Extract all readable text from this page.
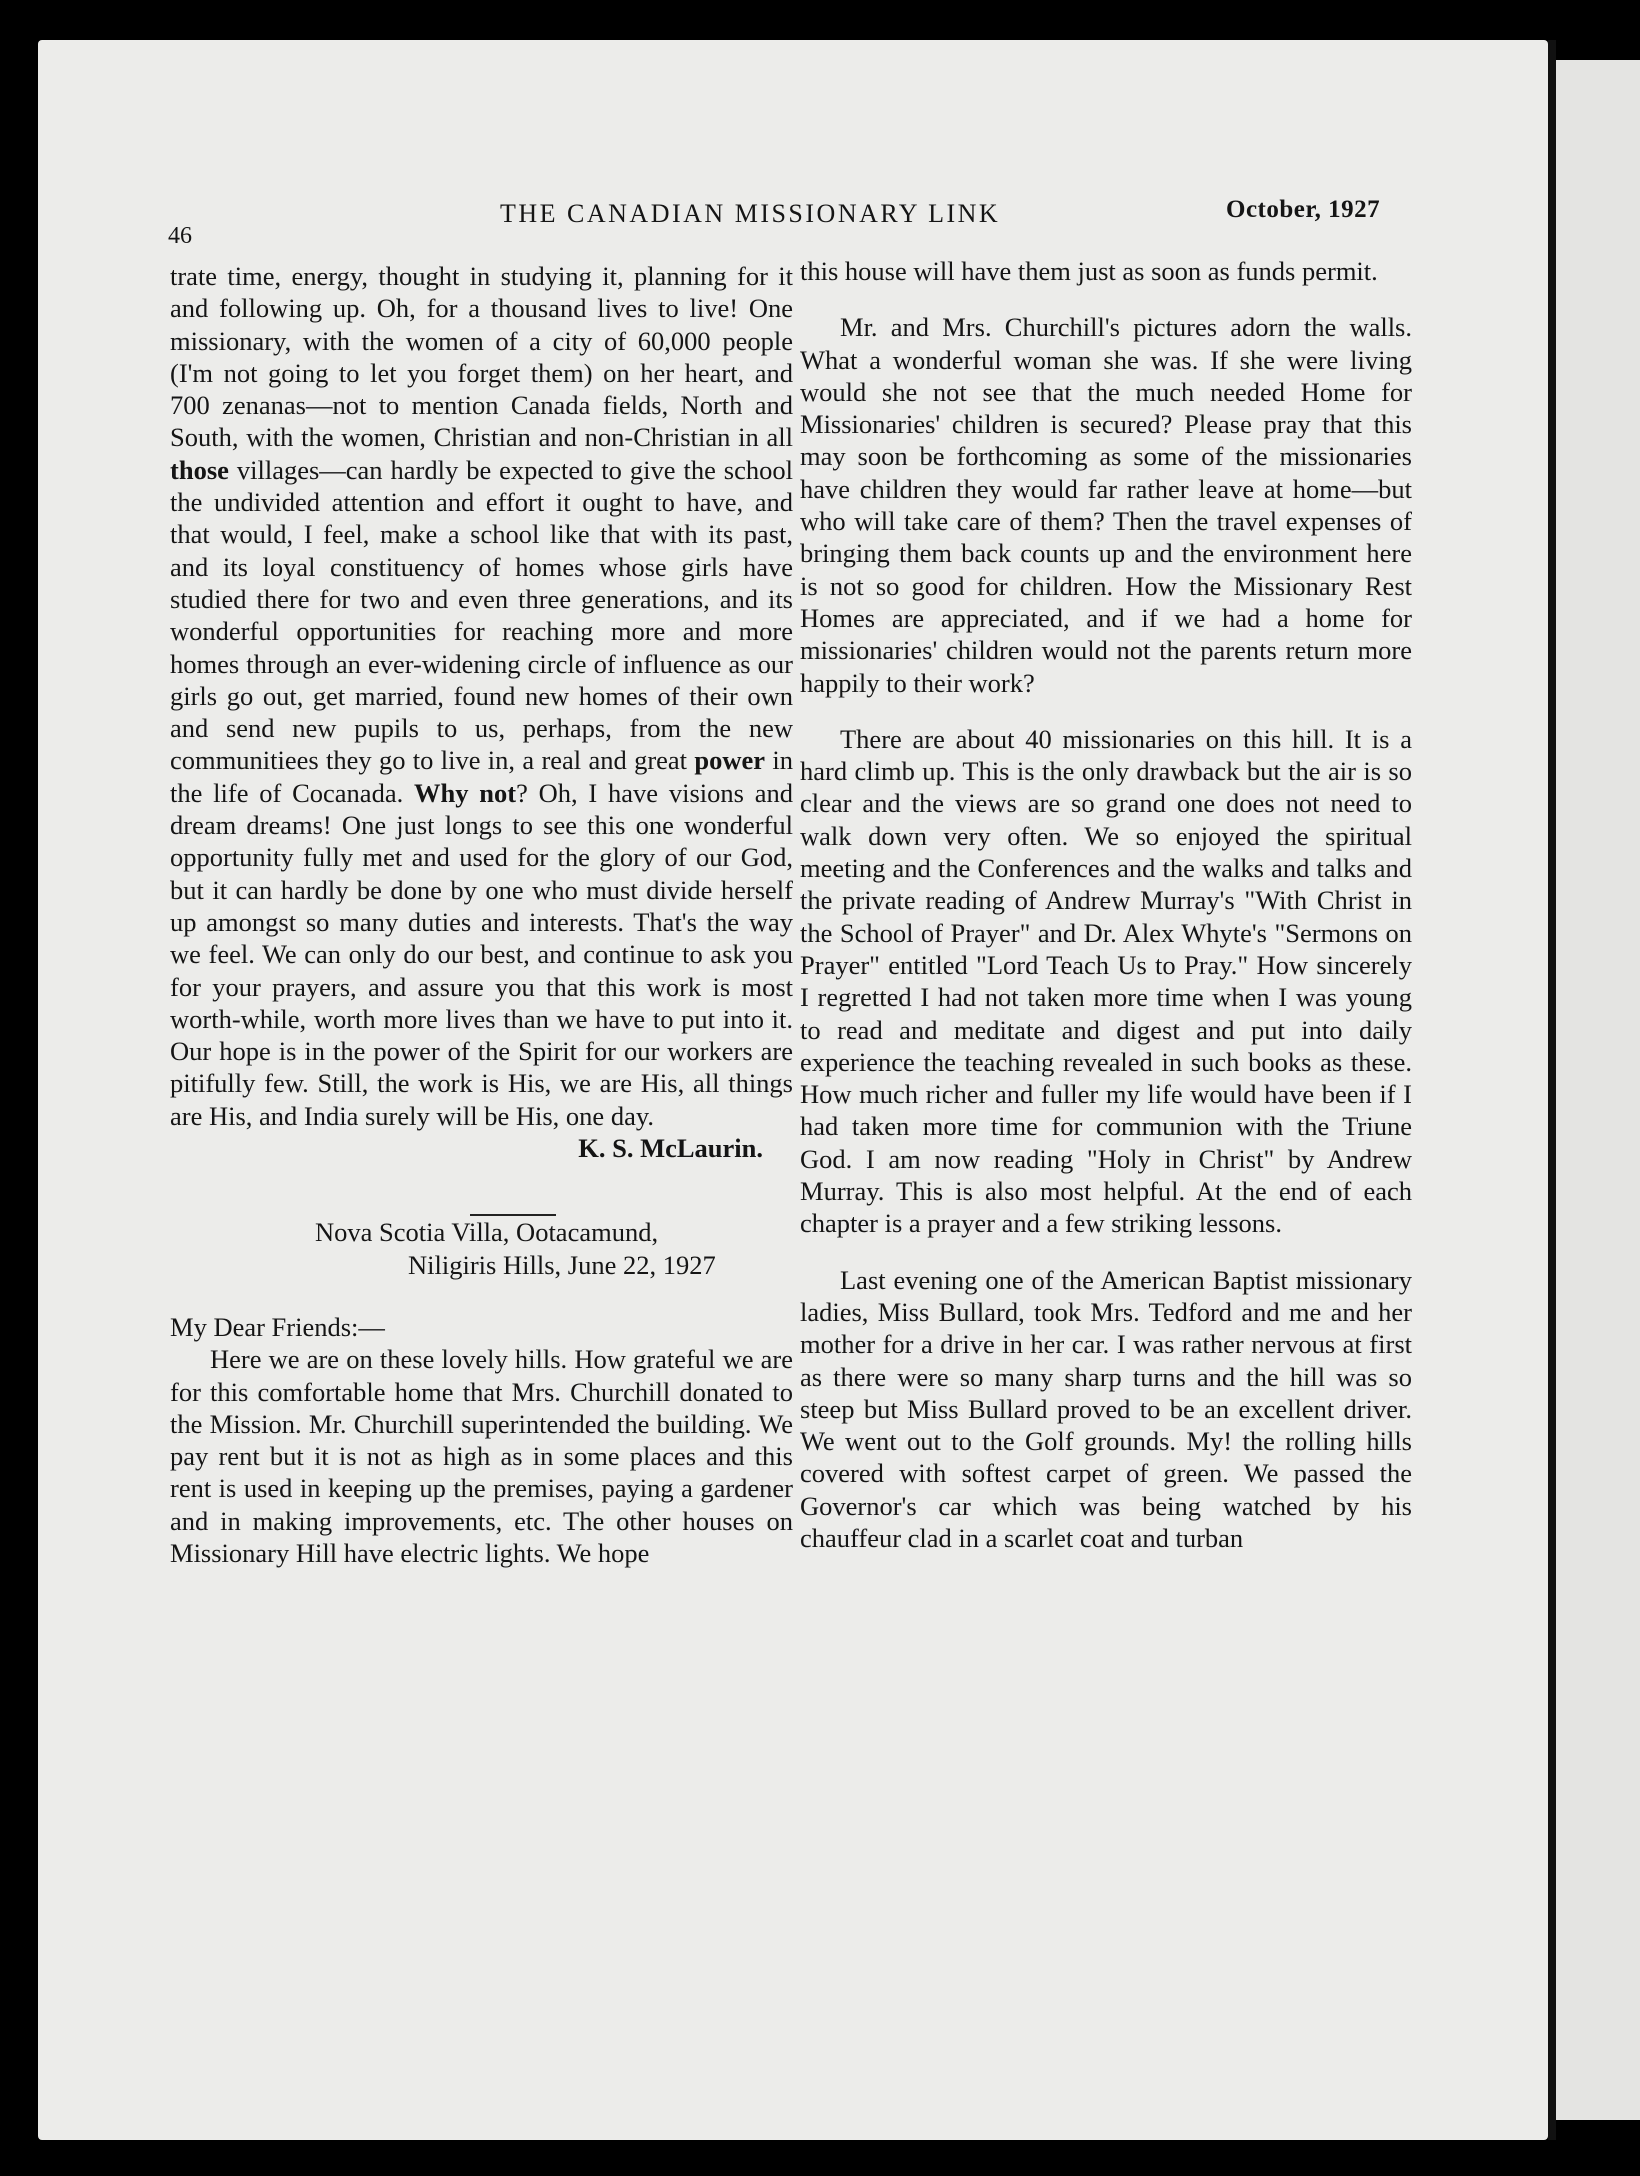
46
THE CANADIAN MISSIONARY LINK	October, 1927

trate time, energy, thought in studying it, planning for it and following up. Oh, for a thousand lives to live! One missionary, with the women of a city of 60,000 people (I'm not going to let you forget them) on her heart, and 700 zenanas—not to mention Canada fields, North and South, with the women, Christian and non-Christian in all those villages—can hardly be expected to give the school the undivided attention and effort it ought to have, and that would, I feel, make a school like that with its past, and its loyal constituency of homes whose girls have studied there for two and even three generations, and its wonderful opportunities for reaching more and more homes through an ever-widening circle of influence as our girls go out, get married, found new homes of their own and send new pupils to us, perhaps, from the new communitiees they go to live in, a real and great power in the life of Cocanada. Why not? Oh, I have visions and dream dreams! One just longs to see this one wonderful opportunity fully met and used for the glory of our God, but it can hardly be done by one who must divide herself up amongst so many duties and interests. That's the way we feel. We can only do our best, and continue to ask you for your prayers, and assure you that this work is most worth-while, worth more lives than we have to put into it. Our hope is in the power of the Spirit for our workers are pitifully few. Still, the work is His, we are His, all things are His, and India surely will be His, one day.

K. S. McLaurin.

Nova Scotia Villa, Ootacamund,
Niligiris Hills, June 22, 1927

My Dear Friends:—

Here we are on these lovely hills. How grateful we are for this comfortable home that Mrs. Churchill donated to the Mission. Mr. Churchill superintended the building. We pay rent but it is not as high as in some places and this rent is used in keeping up the premises, paying a gardener and in making improvements, etc. The other houses on Missionary Hill have electric lights. We hope

this house will have them just as soon as funds permit.

Mr. and Mrs. Churchill's pictures adorn the walls. What a wonderful woman she was. If she were living would she not see that the much needed Home for Missionaries' children is secured? Please pray that this may soon be forthcoming as some of the missionaries have children they would far rather leave at home—but who will take care of them? Then the travel expenses of bringing them back counts up and the environment here is not so good for children. How the Missionary Rest Homes are appreciated, and if we had a home for missionaries' children would not the parents return more happily to their work?

There are about 40 missionaries on this hill. It is a hard climb up. This is the only drawback but the air is so clear and the views are so grand one does not need to walk down very often. We so enjoyed the spiritual meeting and the Conferences and the walks and talks and the private reading of Andrew Murray's "With Christ in the School of Prayer" and Dr. Alex Whyte's "Sermons on Prayer" entitled "Lord Teach Us to Pray." How sincerely I regretted I had not taken more time when I was young to read and meditate and digest and put into daily experience the teaching revealed in such books as these. How much richer and fuller my life would have been if I had taken more time for communion with the Triune God. I am now reading "Holy in Christ" by Andrew Murray. This is also most helpful. At the end of each chapter is a prayer and a few striking lessons.

Last evening one of the American Baptist missionary ladies, Miss Bullard, took Mrs. Tedford and me and her mother for a drive in her car. I was rather nervous at first as there were so many sharp turns and the hill was so steep but Miss Bullard proved to be an excellent driver. We went out to the Golf grounds. My! the rolling hills covered with softest carpet of green. We passed the Governor's car which was being watched by his chauffeur clad in a scarlet coat and turban
